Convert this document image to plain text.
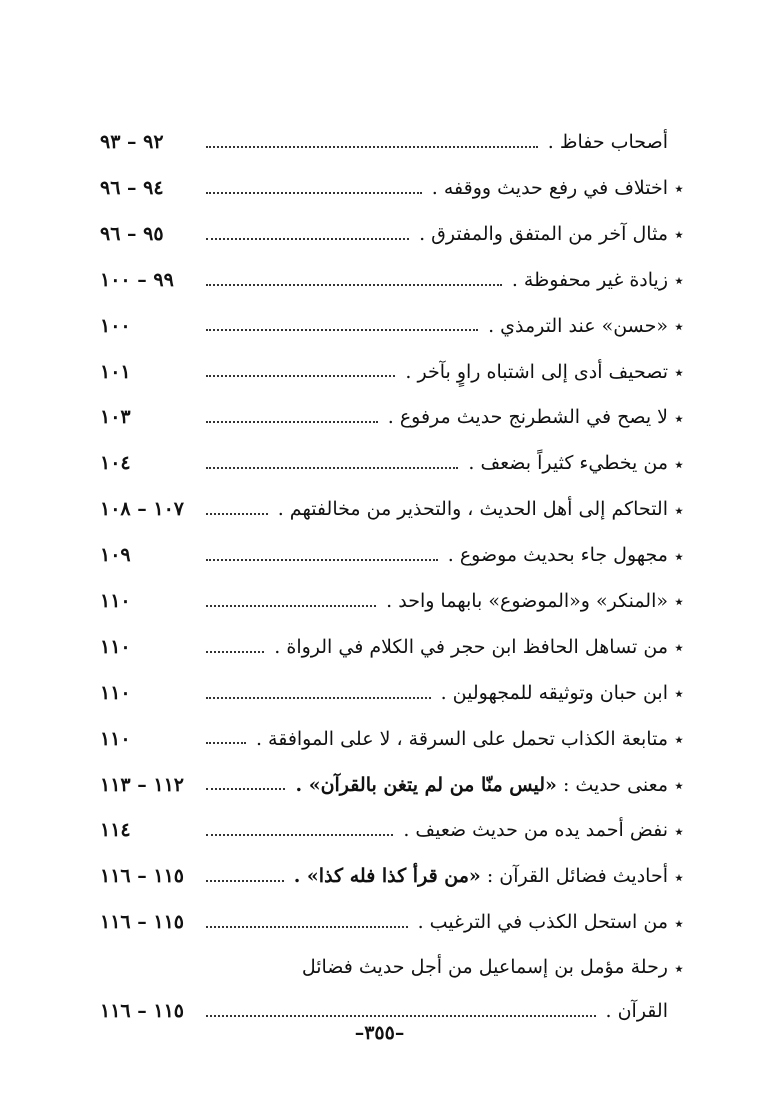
أصحاب حفاظ .
٩٢ – ٩٣
٭
اختلاف في رفع حديث ووقفه .
٩٤ – ٩٦
٭
مثال آخر من المتفق والمفترق .
٩٥ – ٩٦
٭
زيادة غير محفوظة .
٩٩ – ١٠٠
٭
«حسن» عند الترمذي .
١٠٠
٭
تصحيف أدى إلى اشتباه راوٍ بآخر .
١٠١
٭
لا يصح في الشطرنج حديث مرفوع .
١٠٣
٭
من يخطيء كثيراً بضعف .
١٠٤
٭
التحاكم إلى أهل الحديث ، والتحذير من مخالفتهم .
١٠٧ – ١٠٨
٭
مجهول جاء بحديث موضوع .
١٠٩
٭
«المنكر» و«الموضوع» بابهما واحد .
١١٠
٭
من تساهل الحافظ ابن حجر في الكلام في الرواة .
١١٠
٭
ابن حبان وتوثيقه للمجهولين .
١١٠
٭
متابعة الكذاب تحمل على السرقة ، لا على الموافقة .
١١٠
٭
معنى حديث : «ليس منّا من لم يتغن بالقرآن» .
١١٢ – ١١٣
٭
نفض أحمد يده من حديث ضعيف .
١١٤
٭
أحاديث فضائل القرآن : «من قرأ كذا فله كذا» .
١١٥ – ١١٦
٭
من استحل الكذب في الترغيب .
١١٥ – ١١٦
٭
رحلة مؤمل بن إسماعيل من أجل حديث فضائل
القرآن .
١١٥ – ١١٦
–٣٥٥–
